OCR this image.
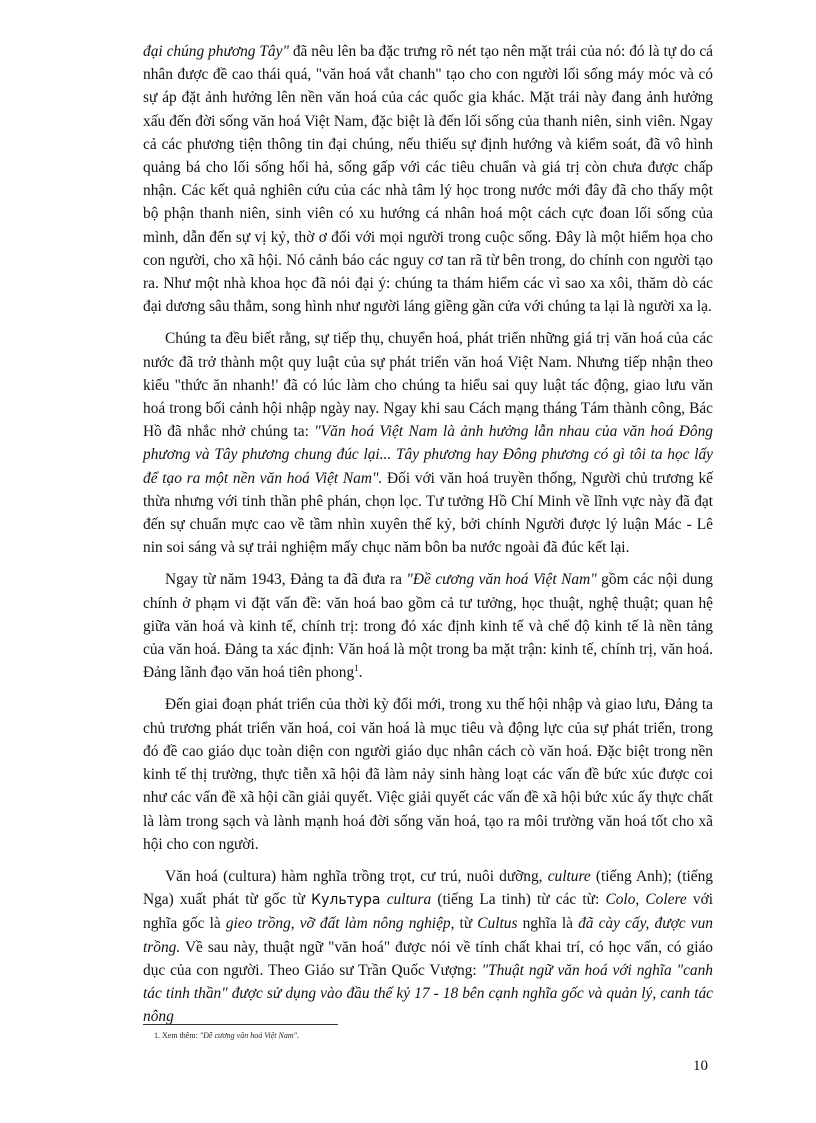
đại chúng phương Tây" đã nêu lên ba đặc trưng rõ nét tạo nên mặt trái của nó: đó là tự do cá nhân được đề cao thái quá, "văn hoá vắt chanh" tạo cho con người lối sống máy móc và có sự áp đặt ảnh hưởng lên nền văn hoá của các quốc gia khác. Mặt trái này đang ảnh hưởng xấu đến đời sống văn hoá Việt Nam, đặc biệt là đến lối sống của thanh niên, sinh viên. Ngay cả các phương tiện thông tin đại chúng, nếu thiếu sự định hướng và kiểm soát, đã vô hình quảng bá cho lối sống hối hả, sống gấp với các tiêu chuẩn và giá trị còn chưa được chấp nhận. Các kết quả nghiên cứu của các nhà tâm lý học trong nước mới đây đã cho thấy một bộ phận thanh niên, sinh viên có xu hướng cá nhân hoá một cách cực đoan lối sống của mình, dẫn đến sự vị kỷ, thờ ơ đối với mọi người trong cuộc sống. Đây là một hiểm họa cho con người, cho xã hội. Nó cảnh báo các nguy cơ tan rã từ bên trong, do chính con người tạo ra. Như một nhà khoa học đã nói đại ý: chúng ta thám hiểm các vì sao xa xôi, thăm dò các đại dương sâu thẳm, song hình như người láng giềng gần cửa với chúng ta lại là người xa lạ.

Chúng ta đều biết rằng, sự tiếp thụ, chuyển hoá, phát triển những giá trị văn hoá của các nước đã trở thành một quy luật của sự phát triển văn hoá Việt Nam. Nhưng tiếp nhận theo kiểu "thức ăn nhanh!' đã có lúc làm cho chúng ta hiểu sai quy luật tác động, giao lưu văn hoá trong bối cảnh hội nhập ngày nay. Ngay khi sau Cách mạng tháng Tám thành công, Bác Hồ đã nhắc nhở chúng ta: "Văn hoá Việt Nam là ảnh hưởng lẫn nhau của văn hoá Đông phương và Tây phương chung đúc lại... Tây phương hay Đông phương có gì tôi ta học lấy để tạo ra một nền văn hoá Việt Nam". Đối với văn hoá truyền thống, Người chủ trương kế thừa nhưng với tinh thần phê phán, chọn lọc. Tư tưởng Hồ Chí Minh về lĩnh vực này đã đạt đến sự chuẩn mực cao về tầm nhìn xuyên thế kỷ, bởi chính Người được lý luận Mác - Lê nin soi sáng và sự trải nghiệm mấy chục năm bôn ba nước ngoài đã đúc kết lại.

Ngay từ năm 1943, Đảng ta đã đưa ra "Đề cương văn hoá Việt Nam" gồm các nội dung chính ở phạm vi đặt vấn đề: văn hoá bao gồm cả tư tưởng, học thuật, nghệ thuật; quan hệ giữa văn hoá và kinh tế, chính trị: trong đó xác định kinh tế và chế độ kinh tế là nền tảng của văn hoá. Đảng ta xác định: Văn hoá là một trong ba mặt trận: kinh tế, chính trị, văn hoá. Đảng lãnh đạo văn hoá tiên phong$^1$.

Đến giai đoạn phát triển của thời kỳ đổi mới, trong xu thế hội nhập và giao lưu, Đảng ta chủ trương phát triển văn hoá, coi văn hoá là mục tiêu và động lực của sự phát triển, trong đó đề cao giáo dục toàn diện con người giáo dục nhân cách cò văn hoá. Đặc biệt trong nền kinh tế thị trường, thực tiễn xã hội đã làm nảy sinh hàng loạt các vấn đề bức xúc được coi như các vấn đề xã hội cần giải quyết. Việc giải quyết các vấn đề xã hội bức xúc ấy thực chất là làm trong sạch và lành mạnh hoá đời sống văn hoá, tạo ra môi trường văn hoá tốt cho xã hội cho con người.

Văn hoá (cultura) hàm nghĩa trồng trọt, cư trú, nuôi dưỡng, culture (tiếng Anh); (tiếng Nga) xuất phát từ gốc từ Культура cultura (tiếng La tinh) từ các từ: Colo, Colere với nghĩa gốc là gieo trồng, vỡ đất làm nông nghiệp, từ Cultus nghĩa là đã cày cấy, được vun trồng. Về sau này, thuật ngữ "văn hoá" được nói về tính chất khai trí, có học vấn, có giáo dục của con người. Theo Giáo sư Trần Quốc Vượng: "Thuật ngữ văn hoá với nghĩa "canh tác tinh thần" được sử dụng vào đầu thế kỷ 17 - 18 bên cạnh nghĩa gốc và quản lý, canh tác nông

1. Xem thêm: "Đề cương văn hoá Việt Nam".
10
